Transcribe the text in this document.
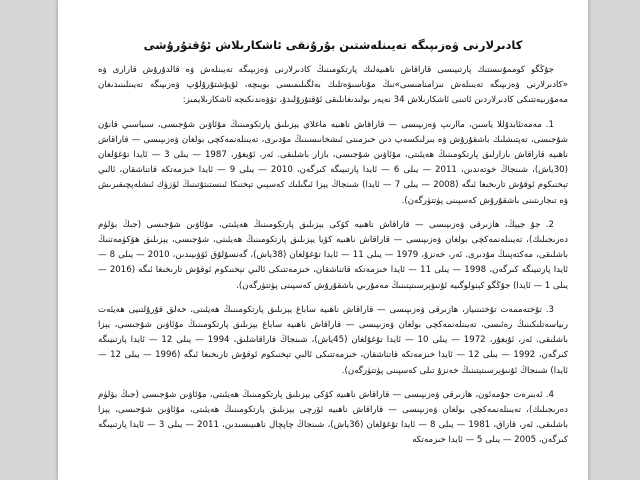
كادىرلارنى ۋەزىپىگە تەيىنلەشتىن بۇرۇنقى ئاشكارىلاش ئۇقتۇرۇشى

جۇڭگو كوممۇنىستىك پارتىيىسى قاراقاش ناھىيەلىك پارتكومىنىڭ كادىرلارنى ۋەزىپىگە تەيىنلەش ۋە قالدۇرۇش قارارى ۋە «كادىرلارنى ۋەزىپىگە تەيىنلەش نىزامنامىسى»نىڭ مۇناسىۋەتلىك بەلگىلىمىسى بويىچە، ئۇيۇشتۇرۇلۇپ ۋەزىپىگە تەيىنلىنىدىغان مەمۇرىيەتتىكى كادىرلاردىن ئاتىنى ئاشكارىلاش 34 نەپەر بولىدىغانلىقى ئۇقتۇرۇلىدۇ، تۆۋەندىكىچە ئاشكارىلايمىز:

1. مەمەتئابدۇللا ياسىن، ماارىپ ۋەزىپىسى — قاراقاش ناھىيە ماغلاي يېزىلىق پارتكومىنىڭ مۇئاۋىن شۇجىسى، سىياسىي قانۇن شۇجىسى، تەپتىشلىك باشقۇرۇش ۋە بىرلىكسەپ دىن خىزمىتى ئىشخانىسىنىڭ مۇدىرى، تەيىنلەنمەكچى بولغان ۋەزىپىسى — قاراقاش ناھىيە قاراقاش بازارلىق پارتكومىنىڭ ھەيئىتى، مۇئاۋىن شۇجىسى، بازار باشلىقى. ئەر، ئۇيغۇر، 1987 — يىلى 3 — ئايدا تۇغۇلغان (30ياش)، شىنجاڭ خوتەندىن، 2011 — يىلى 6 — ئايدا پارتىيىگە كىرگەن، 2010 — يىلى 9 — ئايدا خىزمەتكە قاتناشقان، ئالىي تېخنىكوم ئوقۇش تارىخىغا ئىگە (2008 — يىلى 7 — ئايدا) شىنجاڭ يېزا ئىگىلىك كەسپىي تېخنىكا ئىنستىتۇتىنىڭ ئۆزۈك ئىشلەپچىقىرىش ۋە تىجارىتىنى باشقۇرۇش كەسپىنى پۈتتۈرگەن).

2. جۇ جيېڭ، ھازىرقى ۋەزىپىسى — قاراقاش ناھىيە كۆكى يېزىلىق پارتكومىنىڭ ھەيئىتى، مۇئاۋىن شۇجىسى (جىڭ بۆلۈم دەرىجىلىك)، تەيىنلەنمەكچى بولغان ۋەزىپىسى — قاراقاش ناھىيە كۆيا يېزىلىق پارتكومىنىڭ ھەيئىتى، شۇجىسى، يېزىلىق ھۆكۈمەتنىڭ باشلىقى، مەكتەپنىڭ مۇدىرى. ئەر، خەنزۇ، 1979 — يىلى 11 — ئايدا تۇغۇلغان (38ياش)، گەنسۇلۇق ئۆۋىيىدىن، 2010 — يىلى 8 — ئايدا پارتىيىگە كىرگەن، 1998 — يىلى 11 — ئايدا خىزمەتكە قاتناشقان، خىزمەتتىكى ئالىي تېخنىكوم ئوقۇش تارىخىغا ئىگە (2016 — يىلى 1 — ئايدا) جۇڭگو كېنولوگىيە ئۇنىۋېرسىتېتىنىڭ مەمۇرىي باشقۇرۇش كەسپىنى پۈتتۈرگەن).

3. تۇختەممەت تۇختىنىياز، ھازىرقى ۋەزىپىسى — قاراقاش ناھىيە ساباغ يېزىلىق پارتكومىنىڭ ھەيئىتى، خەلق قۇرۇلتىيى ھەيئەت رىياسەتلىكىنىڭ رەئىسى، تەيىنلەنمەكچى بولغان ۋەزىپىسى — قاراقاش ناھىيە ساباغ يېزىلىق پارتكومىنىڭ مۇئاۋىن شۇجىسى، يېزا باشلىقى. ئەر، ئۇيغۇر، 1972 — يىلى 10 — ئايدا تۇغۇلغان (45ياش)، شىنجاڭ قاراقاشلىق، 1994 — يىلى 12 — ئايدا پارتىيىگە كىرگەن، 1992 — يىلى 12 — ئايدا خىزمەتكە قاتناشقان، خىزمەتتىكى ئالىي تېخنىكوم ئوقۇش تارىخىغا ئىگە (1996 — يىلى 12 — ئايدا) شىنجاڭ ئۇنىۋېرسىتېتىنىڭ خەنزۇ تىلى كەسپىنى پۈتتۈرگەن).

4. ئەبىرەت جۇمەئون، ھازىرقى ۋەزىپىسى — قاراقاش ناھىيە كۆكى يېزىلىق پارتكومىنىڭ ھەيئىتى، مۇئاۋىن شۇجىسى (جىڭ بۆلۈم دەرىجىلىك)، تەيىنلەنمەكچى بولغان ۋەزىپىسى — قاراقاش ناھىيە ئۆرچى يېزىلىق پارتكومىنىڭ ھەيئىتى، مۇئاۋىن شۇجىسى، يېزا باشلىقى. ئەر، قازاق، 1981 — يىلى 8 — ئايدا تۇغۇلغان (36ياش)، شىنجاڭ چاپچال ناھىيىسىدىن، 2011 — يىلى 3 — ئايدا پارتىيىگە كىرگەن، 2005 — يىلى 5 — ئايدا خىزمەتكە
